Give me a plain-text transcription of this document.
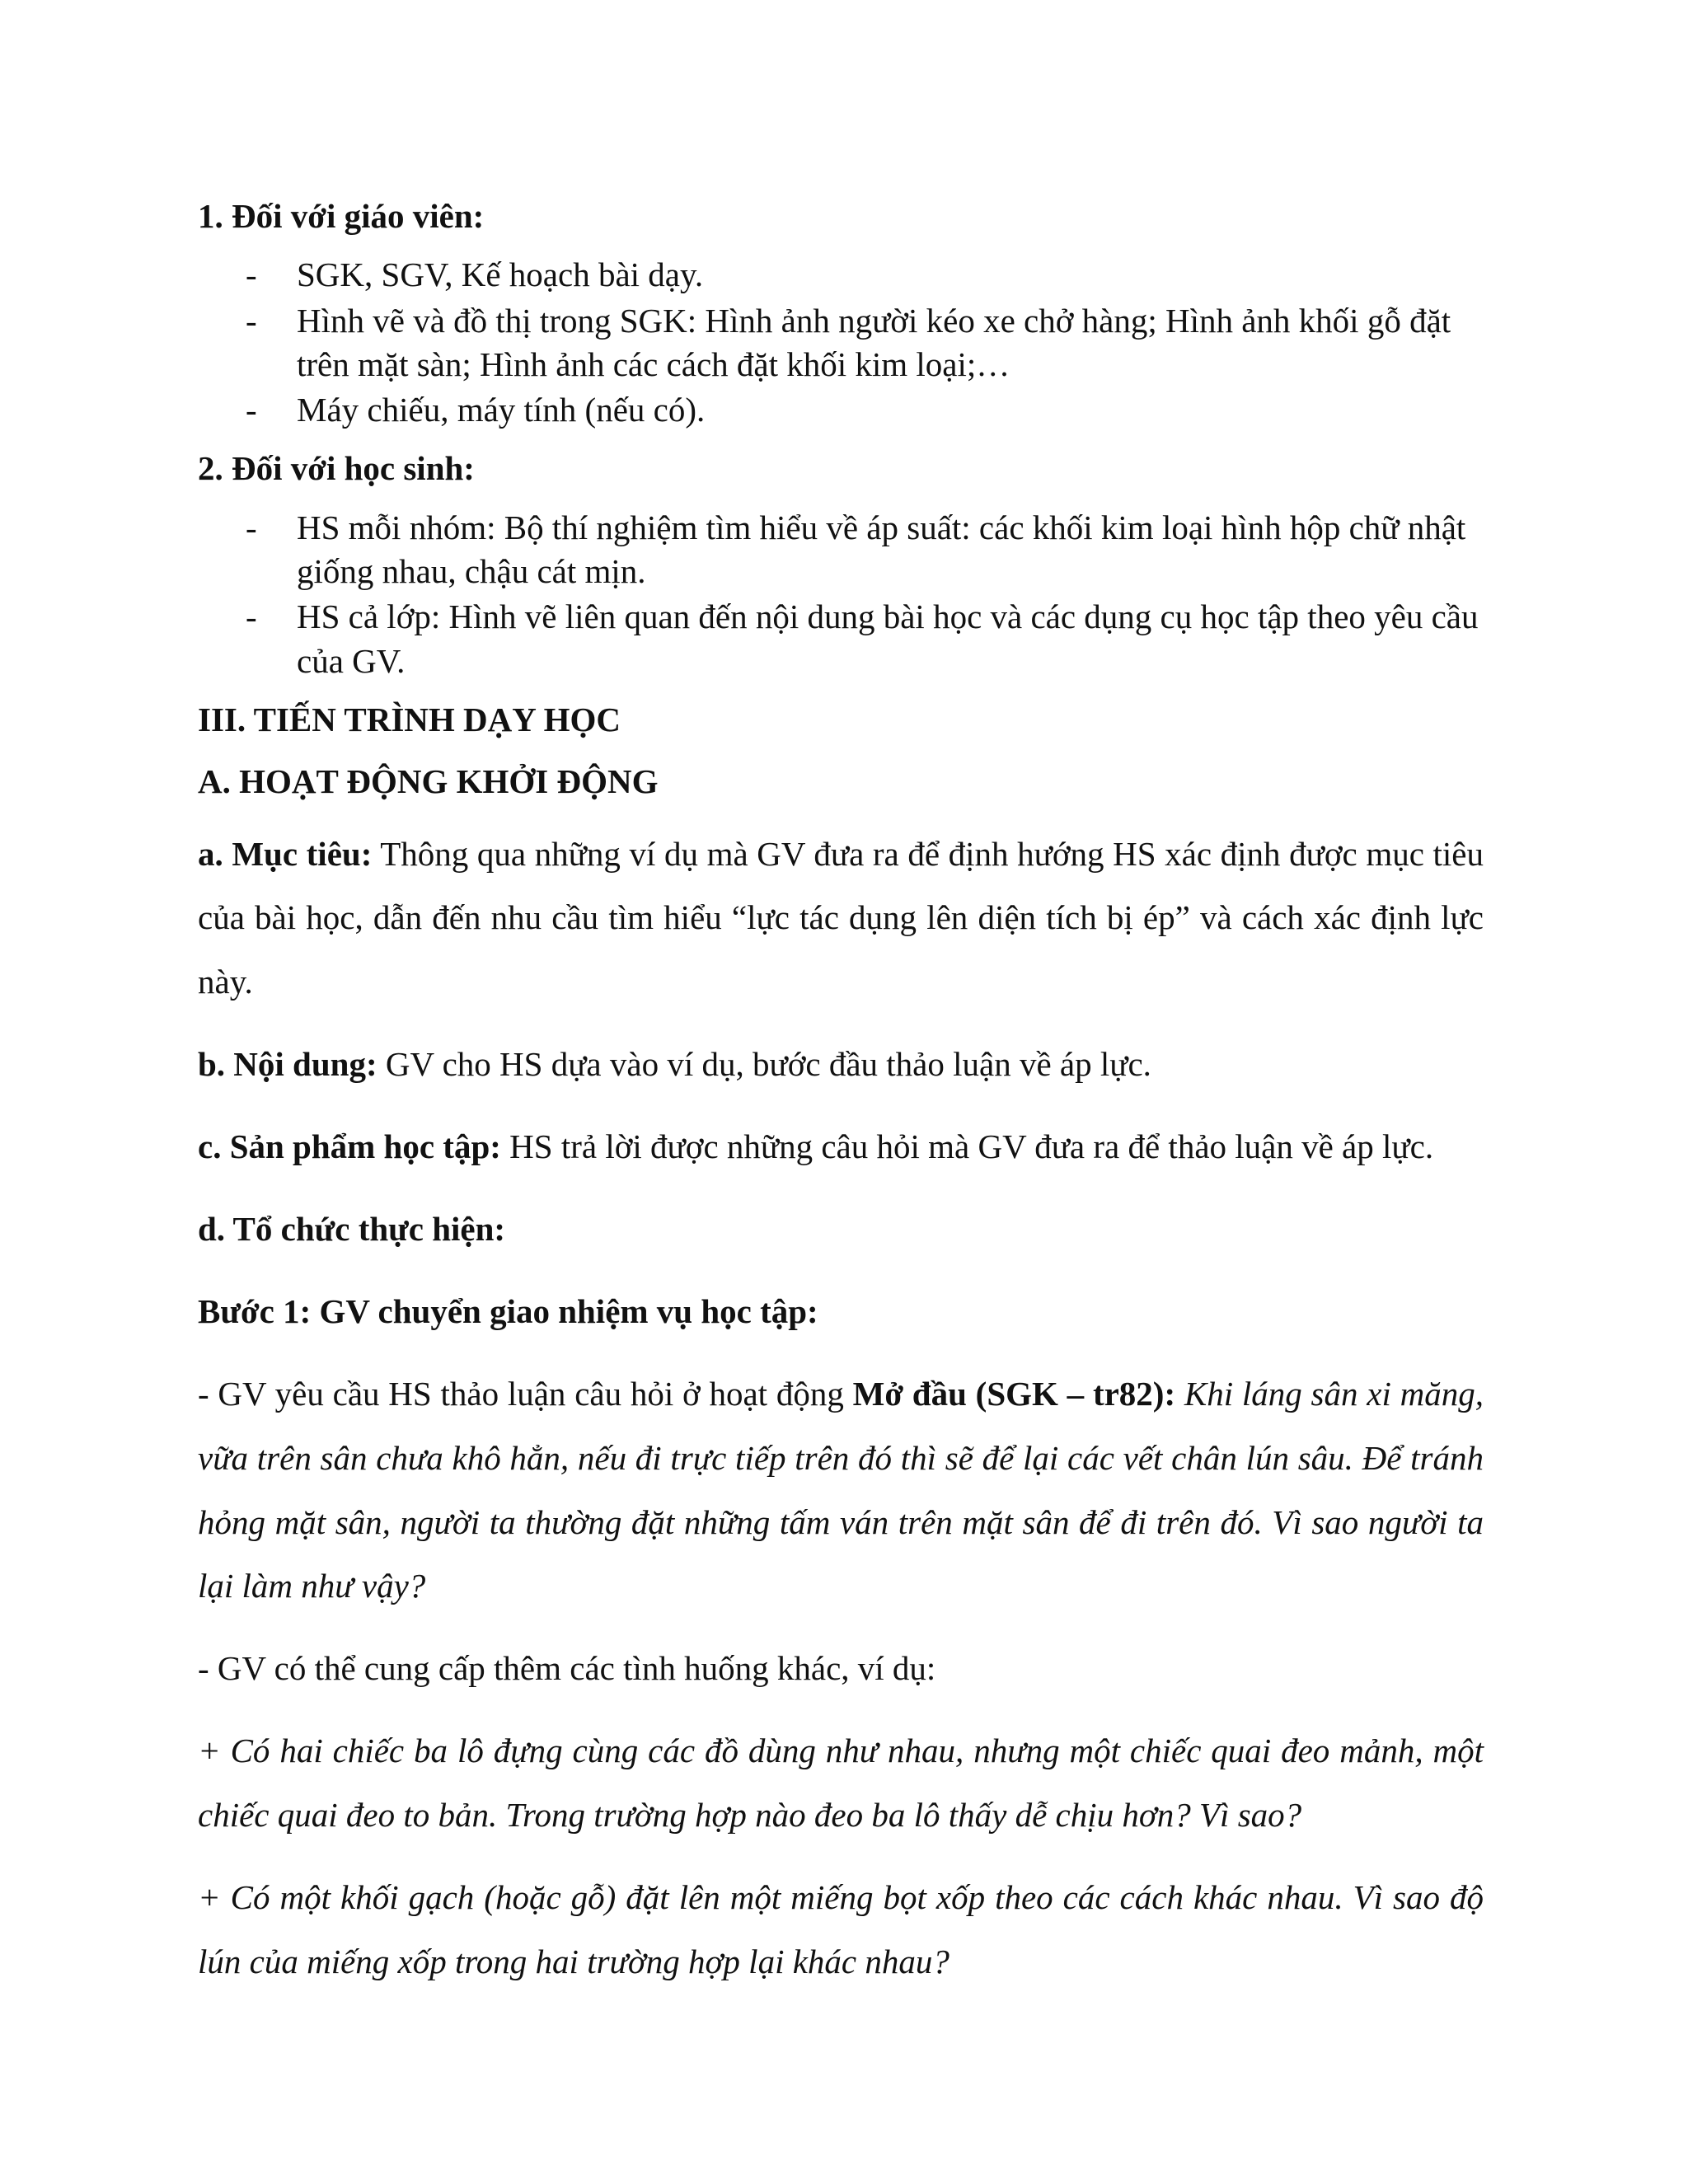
1. Đối với giáo viên:
- SGK, SGV, Kế hoạch bài dạy.
- Hình vẽ và đồ thị trong SGK: Hình ảnh người kéo xe chở hàng; Hình ảnh khối gỗ đặt trên mặt sàn; Hình ảnh các cách đặt khối kim loại;…
- Máy chiếu, máy tính (nếu có).
2. Đối với học sinh:
- HS mỗi nhóm: Bộ thí nghiệm tìm hiểu về áp suất: các khối kim loại hình hộp chữ nhật giống nhau, chậu cát mịn.
- HS cả lớp: Hình vẽ liên quan đến nội dung bài học và các dụng cụ học tập theo yêu cầu của GV.
III. TIẾN TRÌNH DẠY HỌC
A. HOẠT ĐỘNG KHỞI ĐỘNG

a. Mục tiêu: Thông qua những ví dụ mà GV đưa ra để định hướng HS xác định được mục tiêu của bài học, dẫn đến nhu cầu tìm hiểu “lực tác dụng lên diện tích bị ép” và cách xác định lực này.

b. Nội dung: GV cho HS dựa vào ví dụ, bước đầu thảo luận về áp lực.

c. Sản phẩm học tập: HS trả lời được những câu hỏi mà GV đưa ra để thảo luận về áp lực.

d. Tổ chức thực hiện:

Bước 1: GV chuyển giao nhiệm vụ học tập:

- GV yêu cầu HS thảo luận câu hỏi ở hoạt động Mở đầu (SGK – tr82): Khi láng sân xi măng, vữa trên sân chưa khô hẳn, nếu đi trực tiếp trên đó thì sẽ để lại các vết chân lún sâu. Để tránh hỏng mặt sân, người ta thường đặt những tấm ván trên mặt sân để đi trên đó. Vì sao người ta lại làm như vậy?

- GV có thể cung cấp thêm các tình huống khác, ví dụ:

+ Có hai chiếc ba lô đựng cùng các đồ dùng như nhau, nhưng một chiếc quai đeo mảnh, một chiếc quai đeo to bản. Trong trường hợp nào đeo ba lô thấy dễ chịu hơn? Vì sao?

+ Có một khối gạch (hoặc gỗ) đặt lên một miếng bọt xốp theo các cách khác nhau. Vì sao độ lún của miếng xốp trong hai trường hợp lại khác nhau?
